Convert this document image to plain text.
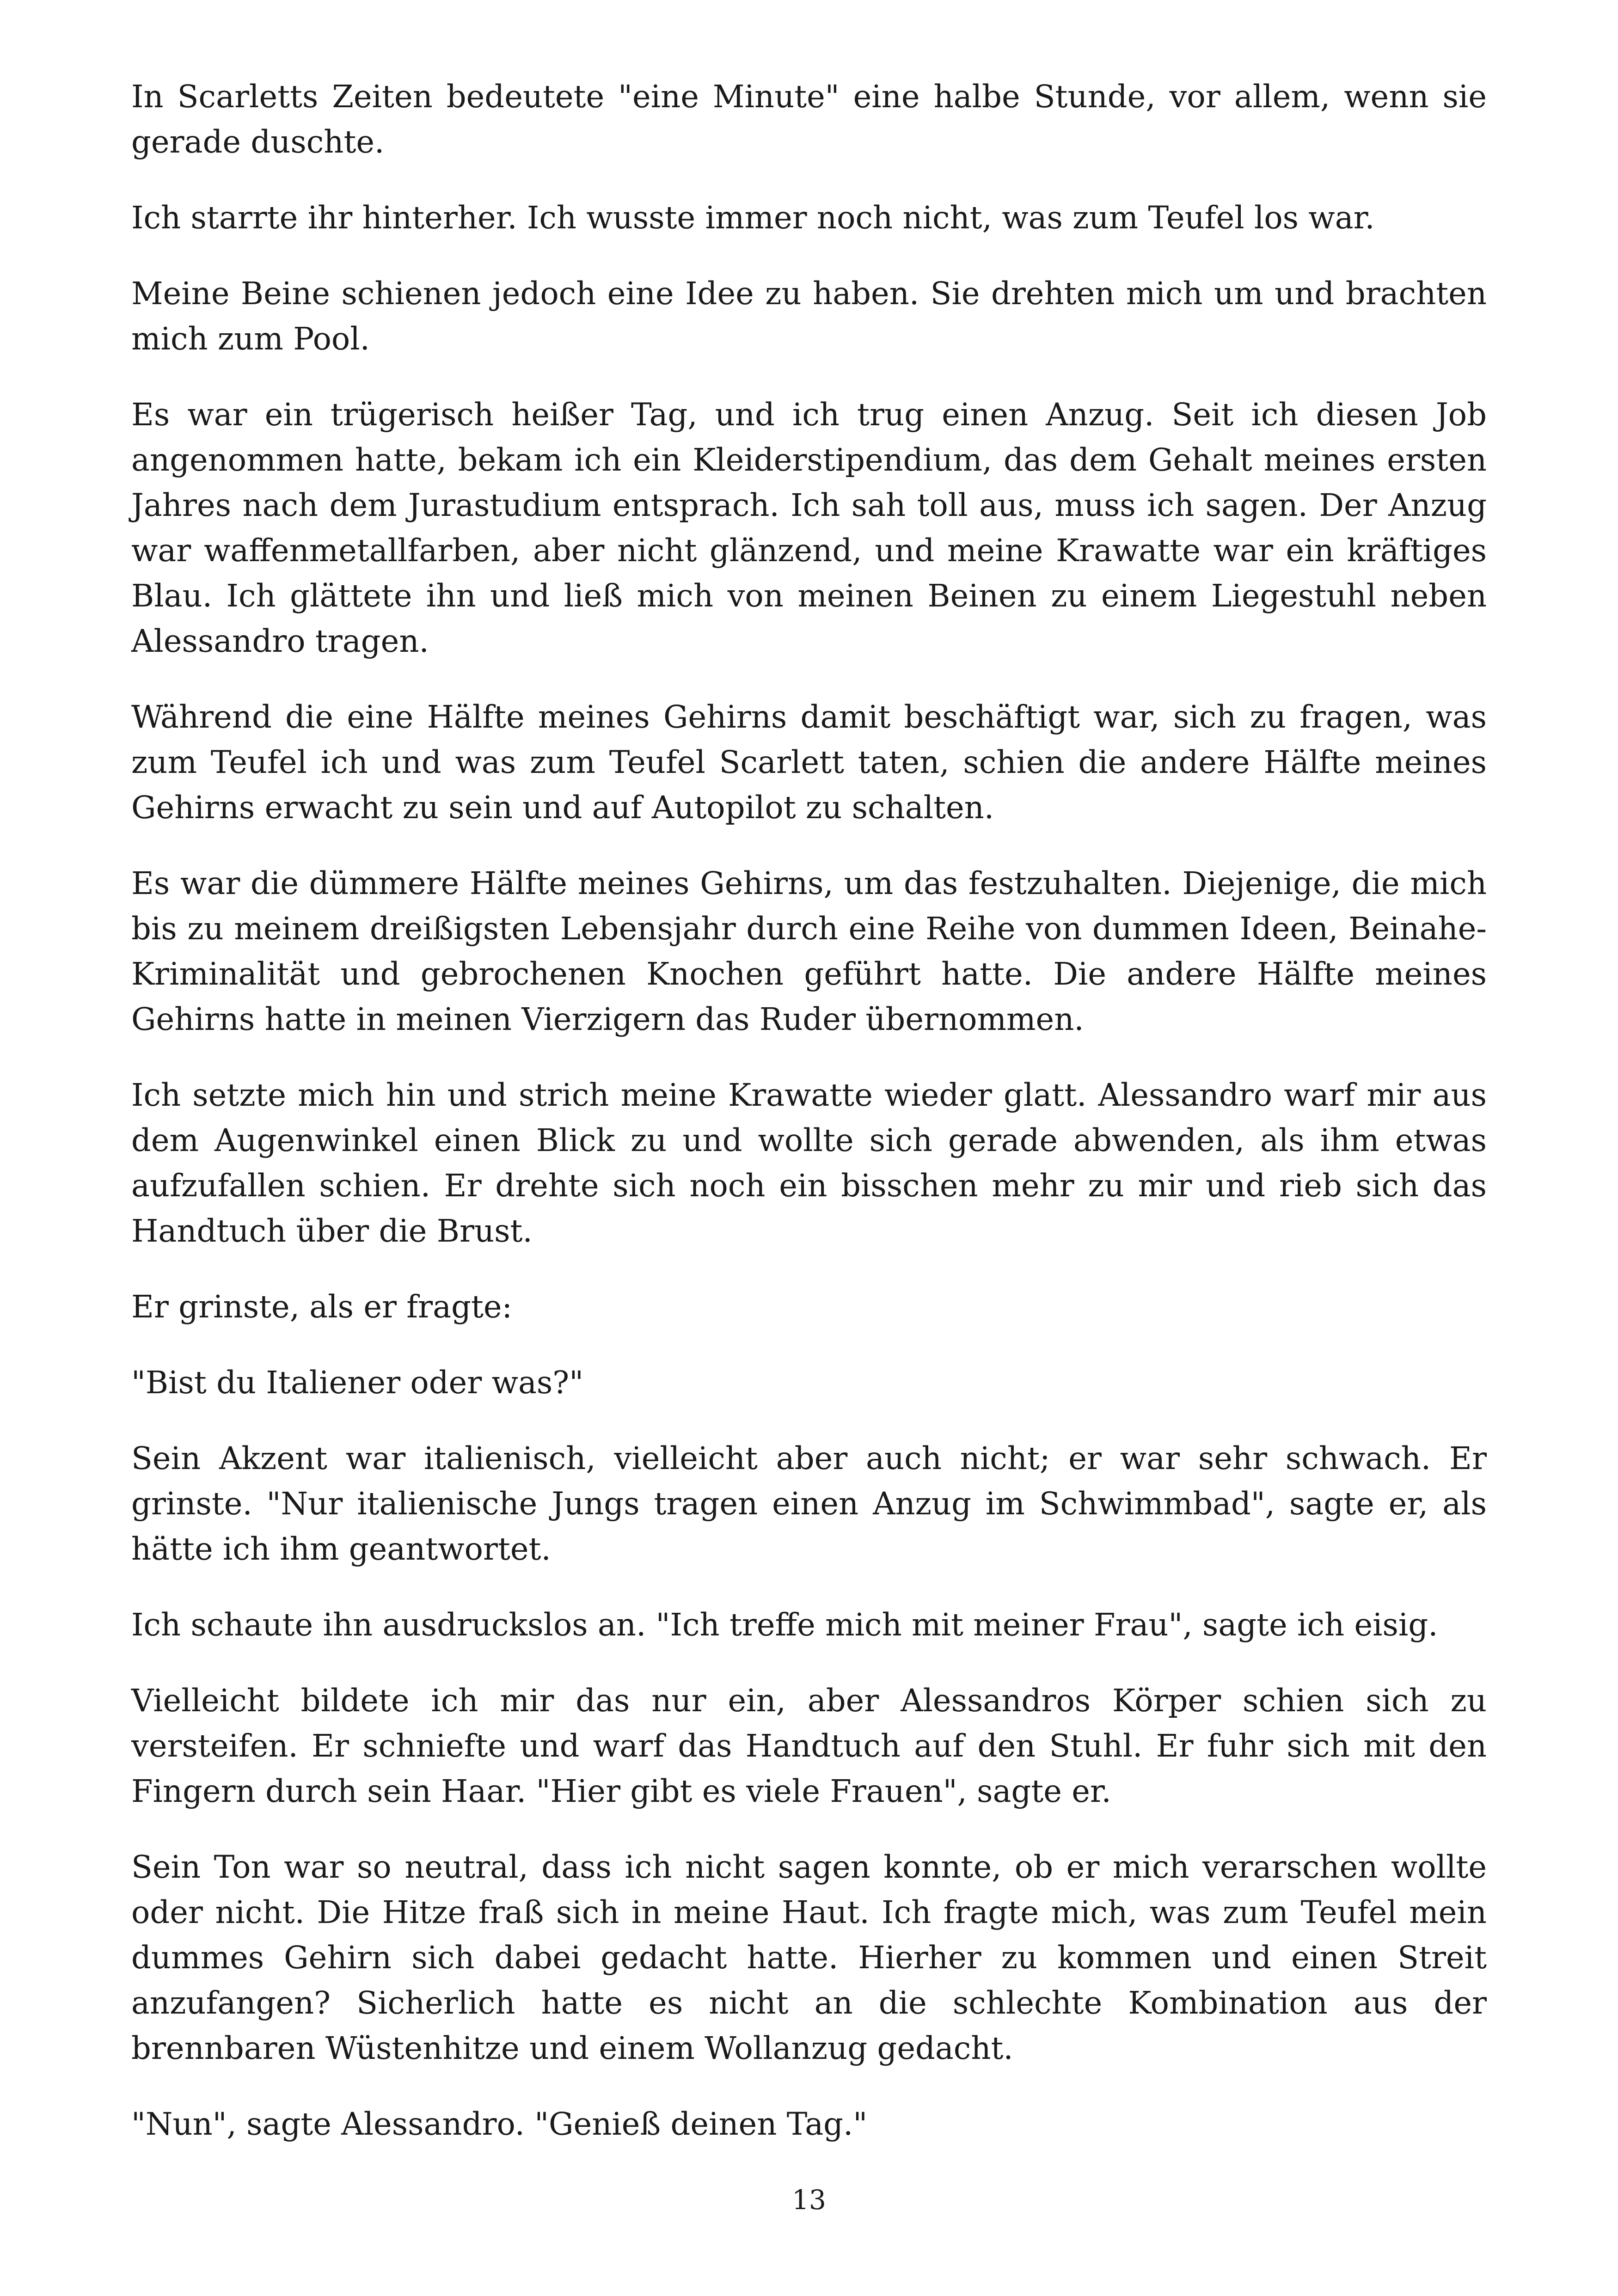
In Scarletts Zeiten bedeutete "eine Minute" eine halbe Stunde, vor allem, wenn sie gerade duschte.

Ich starrte ihr hinterher. Ich wusste immer noch nicht, was zum Teufel los war.

Meine Beine schienen jedoch eine Idee zu haben. Sie drehten mich um und brachten mich zum Pool.

Es war ein trügerisch heißer Tag, und ich trug einen Anzug. Seit ich diesen Job angenommen hatte, bekam ich ein Kleiderstipendium, das dem Gehalt meines ersten Jahres nach dem Jurastudium entsprach. Ich sah toll aus, muss ich sagen. Der Anzug war waffenmetallfarben, aber nicht glänzend, und meine Krawatte war ein kräftiges Blau. Ich glättete ihn und ließ mich von meinen Beinen zu einem Liegestuhl neben Alessandro tragen.

Während die eine Hälfte meines Gehirns damit beschäftigt war, sich zu fragen, was zum Teufel ich und was zum Teufel Scarlett taten, schien die andere Hälfte meines Gehirns erwacht zu sein und auf Autopilot zu schalten.

Es war die dümmere Hälfte meines Gehirns, um das festzuhalten. Diejenige, die mich bis zu meinem dreißigsten Lebensjahr durch eine Reihe von dummen Ideen, Beinahe-Kriminalität und gebrochenen Knochen geführt hatte. Die andere Hälfte meines Gehirns hatte in meinen Vierzigern das Ruder übernommen.

Ich setzte mich hin und strich meine Krawatte wieder glatt. Alessandro warf mir aus dem Augenwinkel einen Blick zu und wollte sich gerade abwenden, als ihm etwas aufzufallen schien. Er drehte sich noch ein bisschen mehr zu mir und rieb sich das Handtuch über die Brust.

Er grinste, als er fragte:

"Bist du Italiener oder was?"

Sein Akzent war italienisch, vielleicht aber auch nicht; er war sehr schwach. Er grinste. "Nur italienische Jungs tragen einen Anzug im Schwimmbad", sagte er, als hätte ich ihm geantwortet.

Ich schaute ihn ausdruckslos an. "Ich treffe mich mit meiner Frau", sagte ich eisig.

Vielleicht bildete ich mir das nur ein, aber Alessandros Körper schien sich zu versteifen. Er schniefte und warf das Handtuch auf den Stuhl. Er fuhr sich mit den Fingern durch sein Haar. "Hier gibt es viele Frauen", sagte er.

Sein Ton war so neutral, dass ich nicht sagen konnte, ob er mich verarschen wollte oder nicht. Die Hitze fraß sich in meine Haut. Ich fragte mich, was zum Teufel mein dummes Gehirn sich dabei gedacht hatte. Hierher zu kommen und einen Streit anzufangen? Sicherlich hatte es nicht an die schlechte Kombination aus der brennbaren Wüstenhitze und einem Wollanzug gedacht.

"Nun", sagte Alessandro. "Genieß deinen Tag."

13
